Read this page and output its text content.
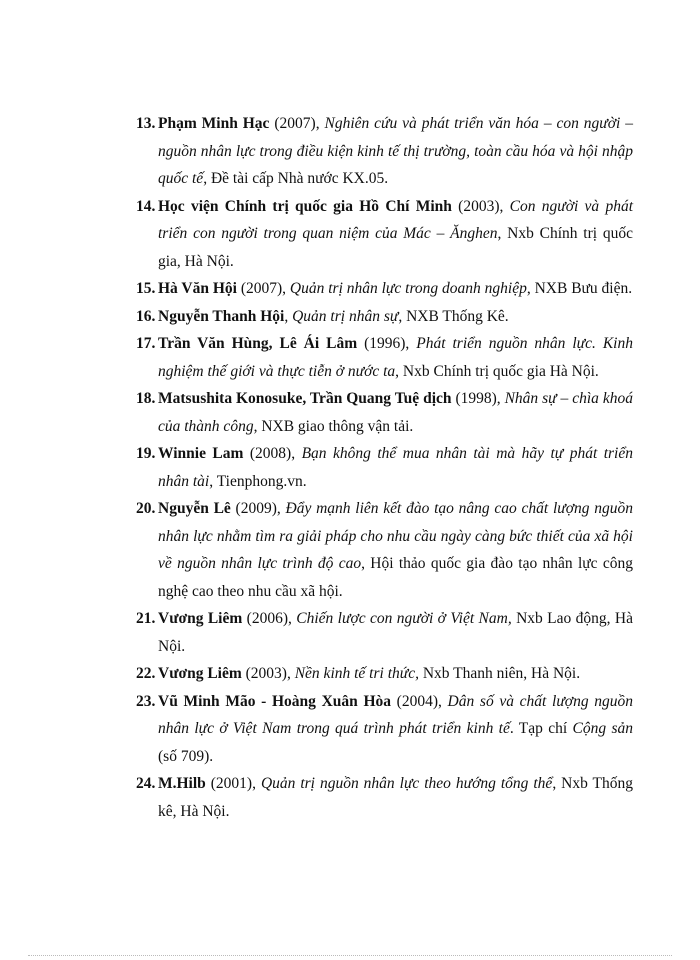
13. Phạm Minh Hạc (2007), Nghiên cứu và phát triển văn hóa – con người – nguồn nhân lực trong điều kiện kinh tế thị trường, toàn cầu hóa và hội nhập quốc tế, Đề tài cấp Nhà nước KX.05.
14. Học viện Chính trị quốc gia Hồ Chí Minh (2003), Con người và phát triển con người trong quan niệm của Mác – Ănghen, Nxb Chính trị quốc gia, Hà Nội.
15. Hà Văn Hội (2007), Quản trị nhân lực trong doanh nghiệp, NXB Bưu điện.
16. Nguyễn Thanh Hội, Quản trị nhân sự, NXB Thống Kê.
17. Trần Văn Hùng, Lê Ái Lâm (1996), Phát triển nguồn nhân lực. Kinh nghiệm thế giới và thực tiễn ở nước ta, Nxb Chính trị quốc gia Hà Nội.
18. Matsushita Konosuke, Trần Quang Tuệ dịch (1998), Nhân sự – chìa khoá của thành công, NXB giao thông vận tải.
19. Winnie Lam (2008), Bạn không thể mua nhân tài mà hãy tự phát triển nhân tài, Tienphong.vn.
20. Nguyễn Lê (2009), Đẩy mạnh liên kết đào tạo nâng cao chất lượng nguồn nhân lực nhằm tìm ra giải pháp cho nhu cầu ngày càng bức thiết của xã hội về nguồn nhân lực trình độ cao, Hội thảo quốc gia đào tạo nhân lực công nghệ cao theo nhu cầu xã hội.
21. Vương Liêm (2006), Chiến lược con người ở Việt Nam, Nxb Lao động, Hà Nội.
22. Vương Liêm (2003), Nền kinh tế tri thức, Nxb Thanh niên, Hà Nội.
23. Vũ Minh Mão - Hoàng Xuân Hòa (2004), Dân số và chất lượng nguồn nhân lực ở Việt Nam trong quá trình phát triển kinh tế. Tạp chí Cộng sản (số 709).
24. M.Hilb (2001), Quản trị nguồn nhân lực theo hướng tổng thể, Nxb Thống kê, Hà Nội.
